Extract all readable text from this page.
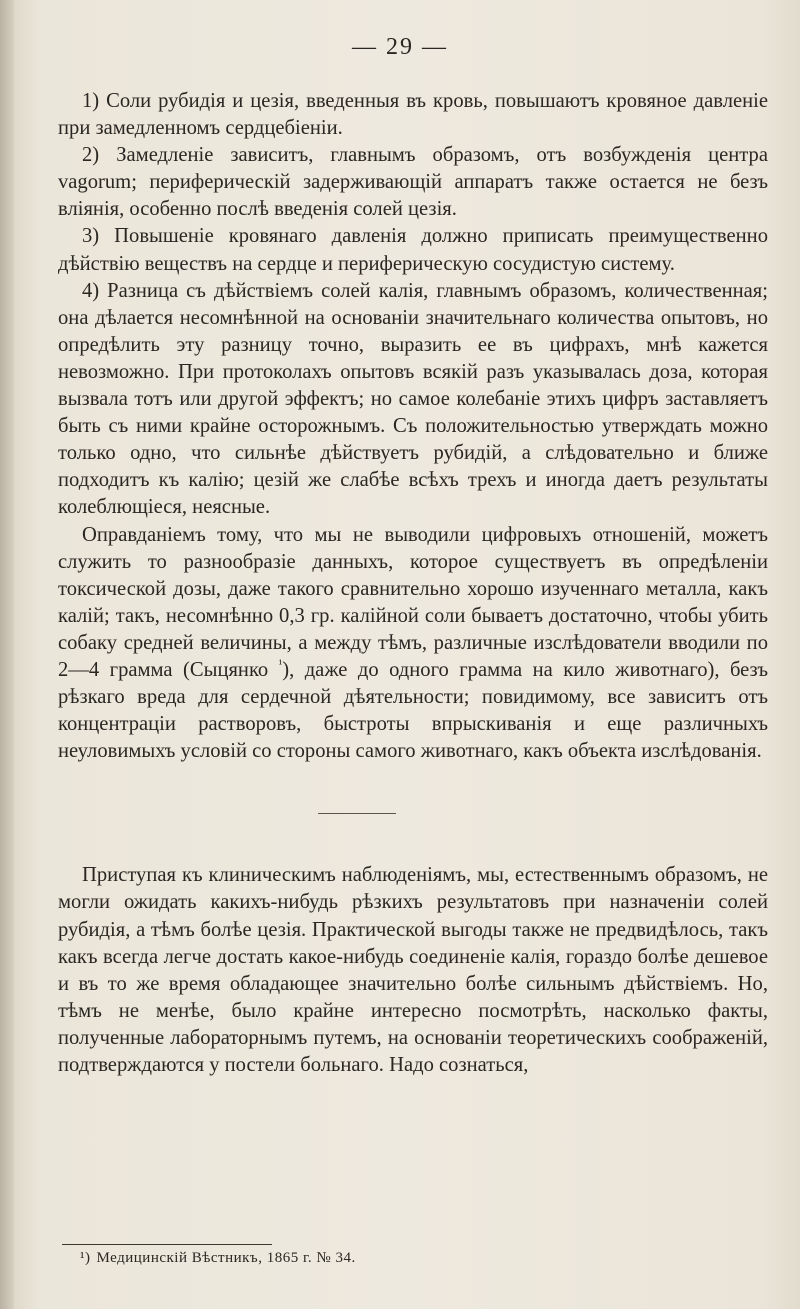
— 29 —

1) Соли рубидія и цезія, введенныя въ кровь, повышаютъ кровяное давленіе при замедленномъ сердцебіеніи.

2) Замедленіе зависитъ, главнымъ образомъ, отъ возбужденія центра vagorum; периферическій задерживающій аппаратъ также остается не безъ вліянія, особенно послѣ введенія солей цезія.

3) Повышеніе кровянаго давленія должно приписать преимущественно дѣйствію веществъ на сердце и периферическую сосудистую систему.

4) Разница съ дѣйствіемъ солей калія, главнымъ образомъ, количественная; она дѣлается несомнѣнной на основаніи значительнаго количества опытовъ, но опредѣлить эту разницу точно, выразить ее въ цифрахъ, мнѣ кажется невозможно. При протоколахъ опытовъ всякій разъ указывалась доза, которая вызвала тотъ или другой эффектъ; но самое колебаніе этихъ цифръ заставляетъ быть съ ними крайне осторожнымъ. Съ положительностью утверждать можно только одно, что сильнѣе дѣйствуетъ рубидій, а слѣдовательно и ближе подходитъ къ калію; цезій же слабѣе всѣхъ трехъ и иногда даетъ результаты колеблющіеся, неясные.

Оправданіемъ тому, что мы не выводили цифровыхъ отношеній, можетъ служить то разнообразіе данныхъ, которое существуетъ въ опредѣленіи токсической дозы, даже такого сравнительно хорошо изученнаго металла, какъ калій; такъ, несомнѣнно 0,3 гр. калійной соли бываетъ достаточно, чтобы убить собаку средней величины, а между тѣмъ, различные изслѣдователи вводили по 2—4 грамма (Сыцянко $^{^1}$), даже до одного грамма на кило животнаго), безъ рѣзкаго вреда для сердечной дѣятельности; повидимому, все зависитъ отъ концентраціи растворовъ, быстроты впрыскиванія и еще различныхъ неуловимыхъ условій со стороны самого животнаго, какъ объекта изслѣдованія.

Приступая къ клиническимъ наблюденіямъ, мы, естественнымъ образомъ, не могли ожидать какихъ-нибудь рѣзкихъ результатовъ при назначеніи солей рубидія, а тѣмъ болѣе цезія. Практической выгоды также не предвидѣлось, такъ какъ всегда легче достать какое-нибудь соединеніе калія, гораздо болѣе дешевое и въ то же время обладающее значительно болѣе сильнымъ дѣйствіемъ. Но, тѣмъ не менѣе, было крайне интересно посмотрѣть, насколько факты, полученные лабораторнымъ путемъ, на основаніи теоретическихъ соображеній, подтверждаются у постели больнаго. Надо сознаться,

¹) Медицинскій Вѣстникъ, 1865 г. № 34.
